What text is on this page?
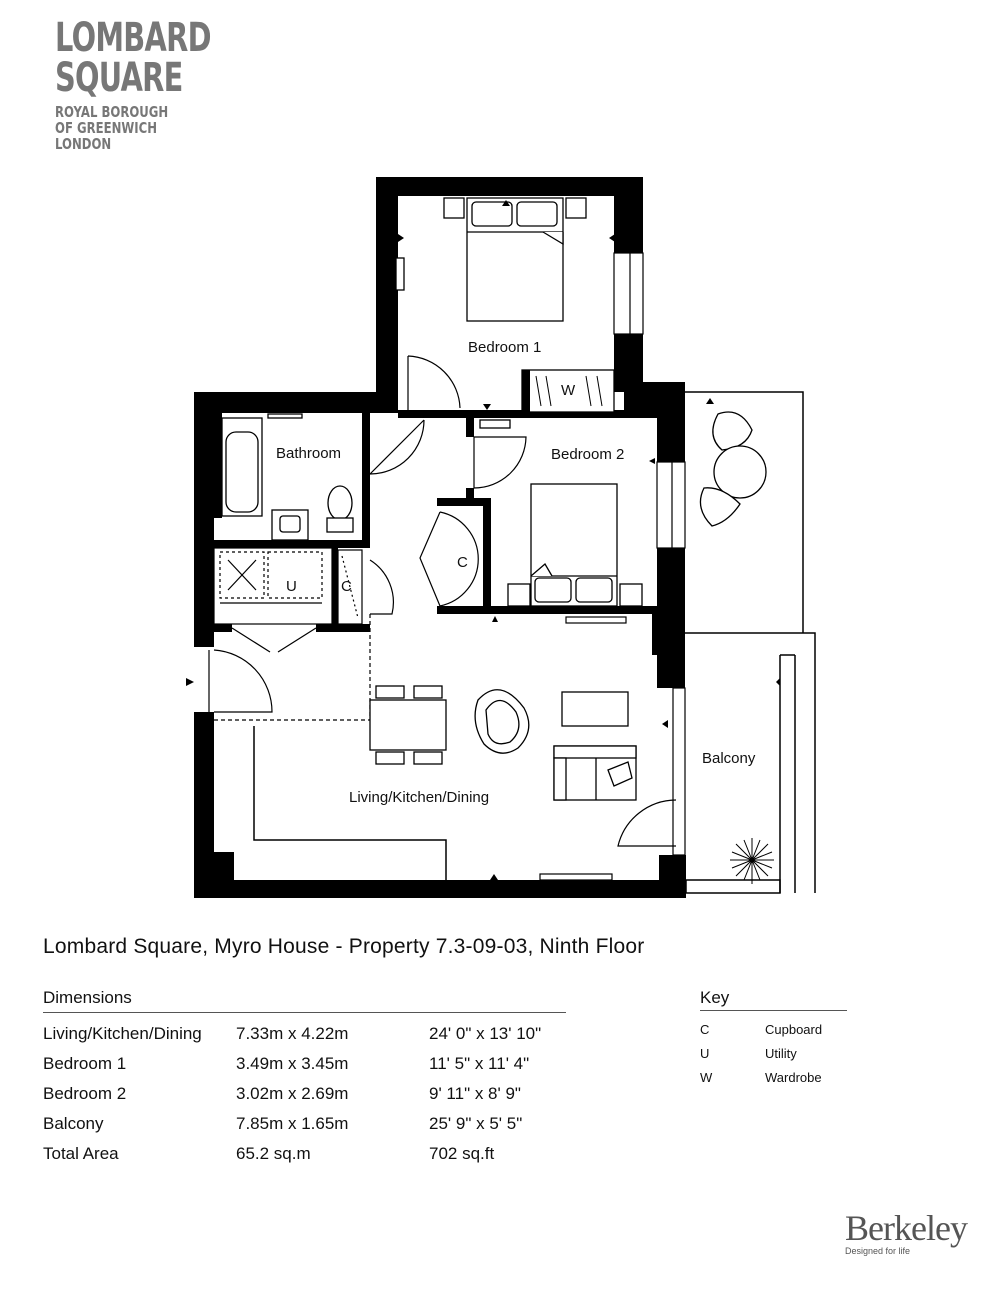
LOMBARD
SQUARE
ROYAL BOROUGH
OF GREENWICH
LONDON
Bedroom 1
Bathroom	Bedroom 2
Living/Kitchen/Dining
Balcony
W
U	C
C
Lombard Square, Myro House - Property 7.3-09-03, Ninth Floor
Dimensions
Living/Kitchen/Dining	7.33m x 4.22m	24' 0" x 13' 10"
Bedroom 1	3.49m x 3.45m	11' 5" x 11' 4"
Bedroom 2	3.02m x 2.69m	9' 11" x 8' 9"
Balcony	7.85m x 1.65m	25' 9" x 5' 5"
Total Area	65.2 sq.m	702 sq.ft
Key
C	Cupboard
U	Utility
W	Wardrobe
Berkeley
Designed for life
